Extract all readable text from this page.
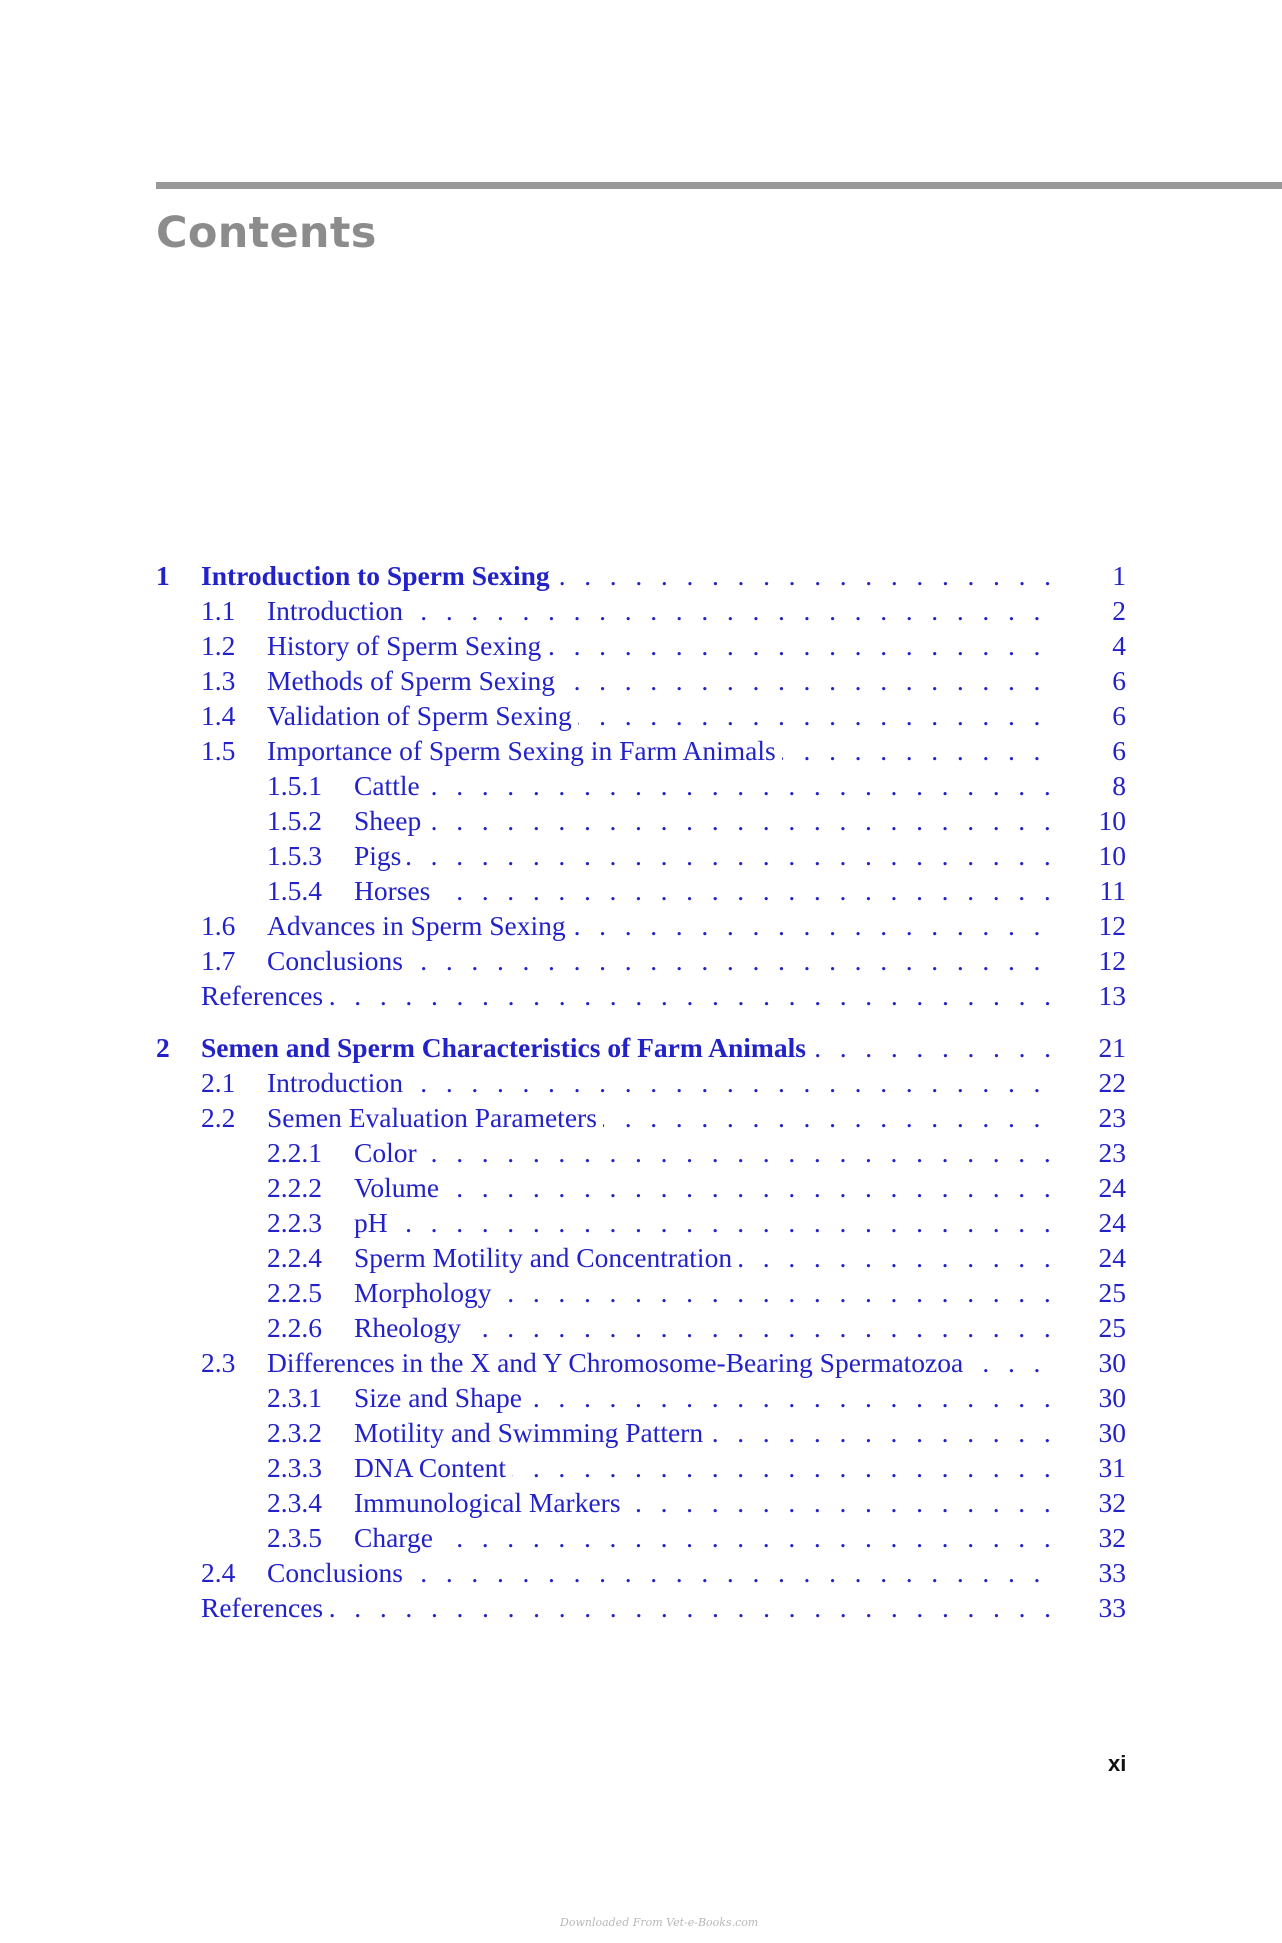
Contents
1 Introduction to Sperm Sexing . . .	1
1.1 Introduction . . .	2
1.2 History of Sperm Sexing . . .	4
1.3 Methods of Sperm Sexing . . .	6
1.4 Validation of Sperm Sexing . . .	6
1.5 Importance of Sperm Sexing in Farm Animals . . .	6
1.5.1 Cattle . . .	8
1.5.2 Sheep . . .	10
1.5.3 Pigs . . .	10
1.5.4 Horses . . .	11
1.6 Advances in Sperm Sexing . . .	12
1.7 Conclusions . . .	12
References . . .	13
2 Semen and Sperm Characteristics of Farm Animals . . .	21
2.1 Introduction . . .	22
2.2 Semen Evaluation Parameters . . .	23
2.2.1 Color . . .	23
2.2.2 Volume . . .	24
2.2.3 pH . . .	24
2.2.4 Sperm Motility and Concentration . . .	24
2.2.5 Morphology . . .	25
2.2.6 Rheology . . .	25
2.3 Differences in the X and Y Chromosome-Bearing Spermatozoa . . .	30
2.3.1 Size and Shape . . .	30
2.3.2 Motility and Swimming Pattern . . .	30
2.3.3 DNA Content . . .	31
2.3.4 Immunological Markers . . .	32
2.3.5 Charge . . .	32
2.4 Conclusions . . .	33
References . . .	33
xi
Downloaded From Vet-e-Books.com
